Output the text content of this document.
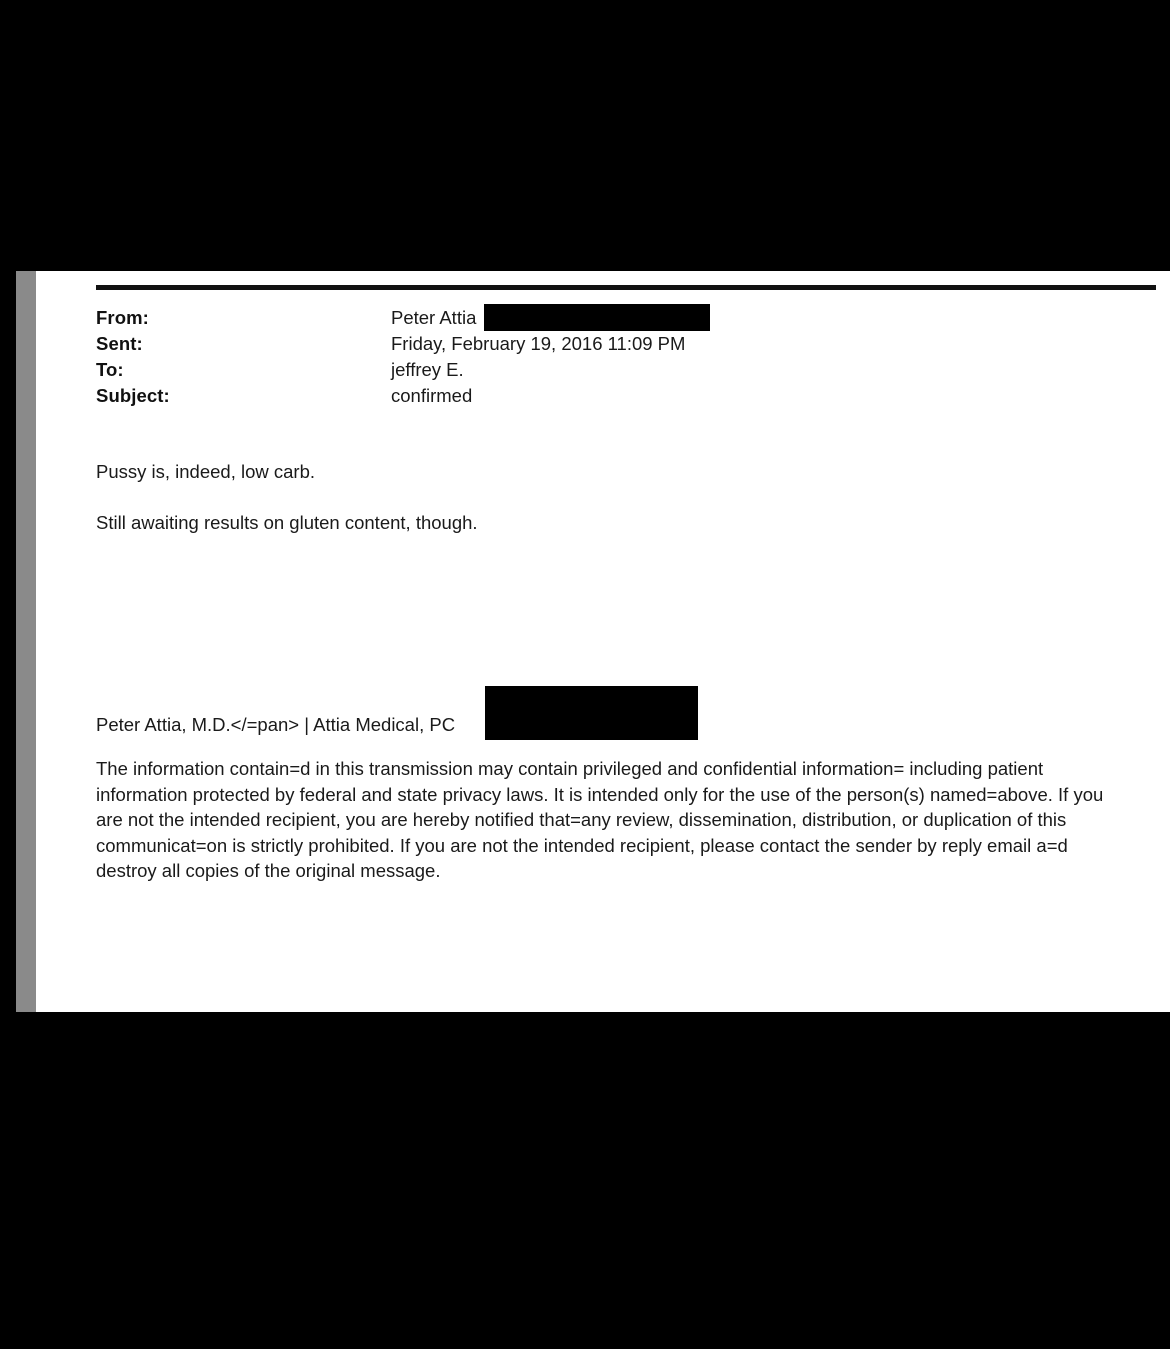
From:	Peter Attia
Sent:	Friday, February 19, 2016 11:09 PM
To:	jeffrey E.
Subject:	confirmed
Pussy is, indeed, low carb.
Still awaiting results on gluten content, though.
Peter Attia, M.D.</=pan> | Attia Medical, PC
The information contain=d in this transmission may contain privileged and confidential information= including patient information protected by federal and state privacy laws. It is intended only for the use of the person(s) named=above. If you are not the intended recipient, you are hereby notified that=any review, dissemination, distribution, or duplication of this communicat=on is strictly prohibited. If you are not the intended recipient, please contact the sender by reply email a=d destroy all copies of the original message.
